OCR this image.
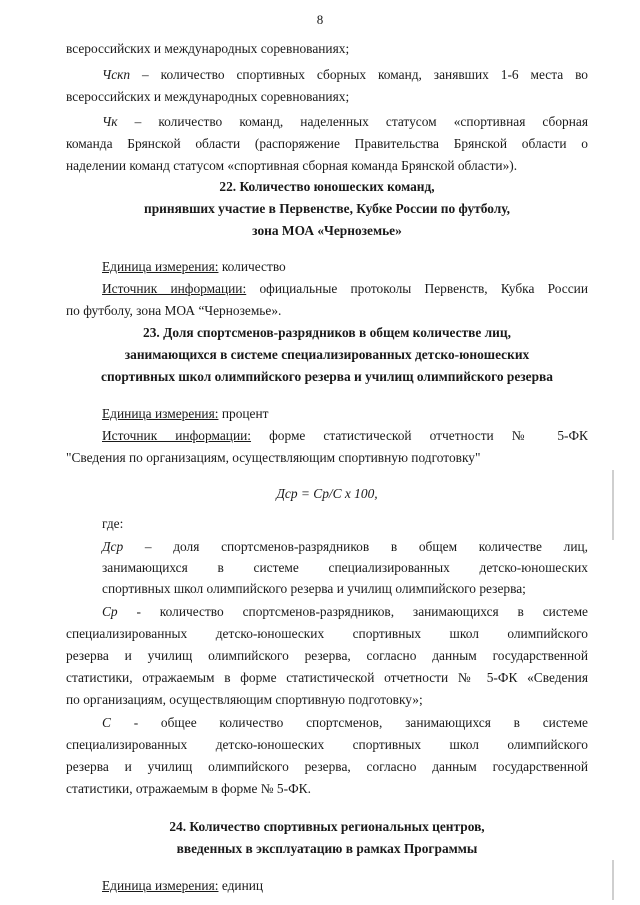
8
всероссийских и международных соревнованиях;
Чскп – количество спортивных сборных команд, занявших 1-6 места во
всероссийских и международных соревнованиях;
Чк – количество команд, наделенных статусом «спортивная сборная
команда Брянской области (распоряжение Правительства Брянской области о
наделении команд статусом «спортивная сборная команда Брянской области»).
22. Количество юношеских команд,
принявших участие в Первенстве, Кубке России по футболу,
зона МОА «Черноземье»
Единица измерения: количество
Источник информации: официальные протоколы Первенств, Кубка России
по футболу, зона МОА “Черноземье».
23. Доля спортсменов-разрядников в общем количестве лиц,
занимающихся в системе специализированных детско-юношеских
спортивных школ олимпийского резерва и училищ олимпийского резерва
Единица измерения: процент
Источник информации: форме статистической отчетности № 5-ФК
"Сведения по организациям, осуществляющим спортивную подготовку"
Дср = Ср/С х 100,
где:
Дср – доля спортсменов-разрядников в общем количестве лиц,
занимающихся в системе специализированных детско-юношеских
спортивных школ олимпийского резерва и училищ олимпийского резерва;
Ср - количество спортсменов-разрядников, занимающихся в системе
специализированных детско-юношеских спортивных школ олимпийского
резерва и училищ олимпийского резерва, согласно данным государственной
статистики, отражаемым в форме статистической отчетности № 5-ФК «Сведения
по организациям, осуществляющим спортивную подготовку»;
С - общее количество спортсменов, занимающихся в системе
специализированных детско-юношеских спортивных школ олимпийского
резерва и училищ олимпийского резерва, согласно данным государственной
статистики, отражаемым в форме № 5-ФК.
24. Количество спортивных региональных центров,
введенных в эксплуатацию в рамках Программы
Единица измерения: единиц
